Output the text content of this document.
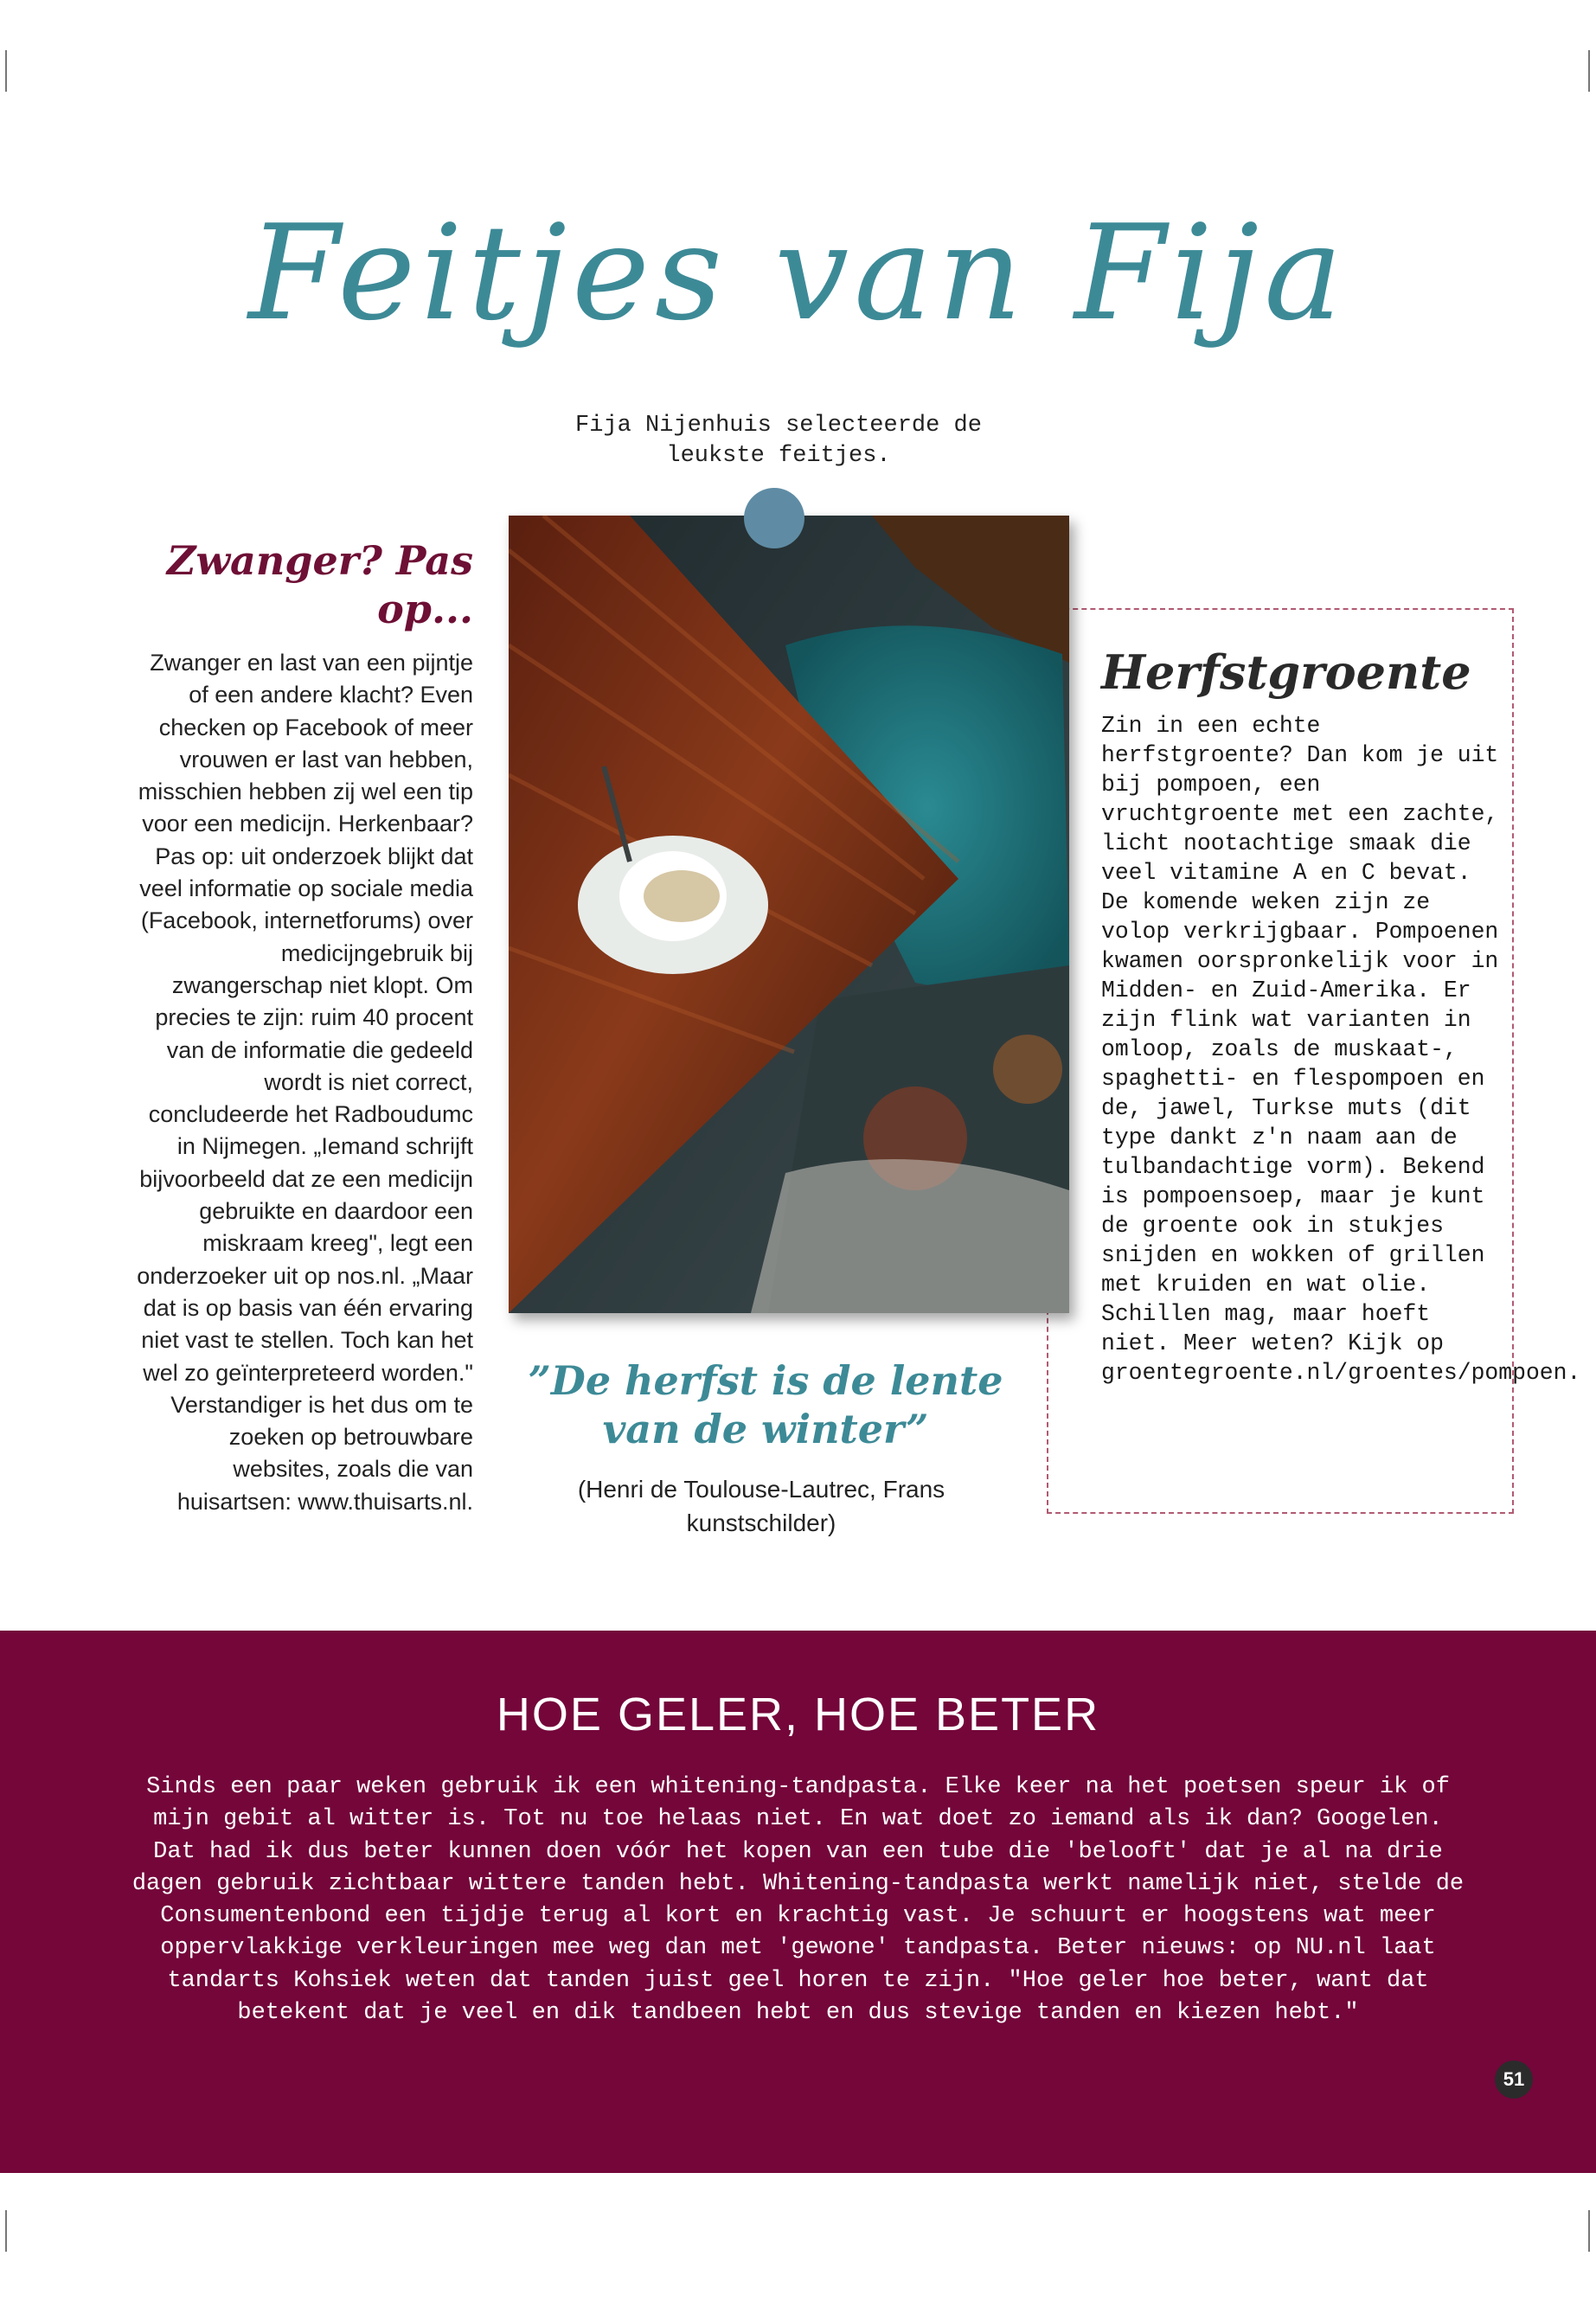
Feitjes van Fija
Fija Nijenhuis selecteerde de leukste feitjes.
Zwanger? Pas op...
Zwanger en last van een pijntje of een andere klacht? Even checken op Facebook of meer vrouwen er last van hebben, misschien hebben zij wel een tip voor een medicijn. Herkenbaar? Pas op: uit onderzoek blijkt dat veel informatie op sociale media (Facebook, internetforums) over medicijngebruik bij zwangerschap niet klopt. Om precies te zijn: ruim 40 procent van de informatie die gedeeld wordt is niet correct, concludeerde het Radboudumc in Nijmegen. „Iemand schrijft bijvoorbeeld dat ze een medicijn gebruikte en daardoor een miskraam kreeg", legt een onderzoeker uit op nos.nl. „Maar dat is op basis van één ervaring niet vast te stellen. Toch kan het wel zo geïnterpreteerd worden." Verstandiger is het dus om te zoeken op betrouwbare websites, zoals die van huisartsen: www.thuisarts.nl.
”De herfst is de lente van de winter”
(Henri de Toulouse-Lautrec, Frans kunstschilder)
Herfstgroente
Zin in een echte herfstgroente? Dan kom je uit bij pompoen, een vruchtgroente met een zachte, licht nootachtige smaak die veel vitamine A en C bevat.
De komende weken zijn ze volop verkrijgbaar. Pompoenen kwamen oorspronkelijk voor in Midden- en Zuid-Amerika. Er zijn flink wat varianten in omloop, zoals de muskaat-, spaghetti- en flespompoen en de, jawel, Turkse muts (dit type dankt z'n naam aan de tulbandachtige vorm). Bekend is pompoensoep, maar je kunt de groente ook in stukjes snijden en wokken of grillen met kruiden en wat olie. Schillen mag, maar hoeft niet. Meer weten? Kijk op groentegroente.nl/groentes/pompoen.
HOE GELER, HOE BETER
Sinds een paar weken gebruik ik een whitening-tandpasta. Elke keer na het poetsen speur ik of mijn gebit al witter is. Tot nu toe helaas niet. En wat doet zo iemand als ik dan? Googelen. Dat had ik dus beter kunnen doen vóór het kopen van een tube die 'belooft' dat je al na drie dagen gebruik zichtbaar wittere tanden hebt. Whitening-tandpasta werkt namelijk niet, stelde de Consumentenbond een tijdje terug al kort en krachtig vast. Je schuurt er hoogstens wat meer oppervlakkige verkleuringen mee weg dan met 'gewone' tandpasta. Beter nieuws: op NU.nl laat tandarts Kohsiek weten dat tanden juist geel horen te zijn. "Hoe geler hoe beter, want dat betekent dat je veel en dik tandbeen hebt en dus stevige tanden en kiezen hebt."
51
